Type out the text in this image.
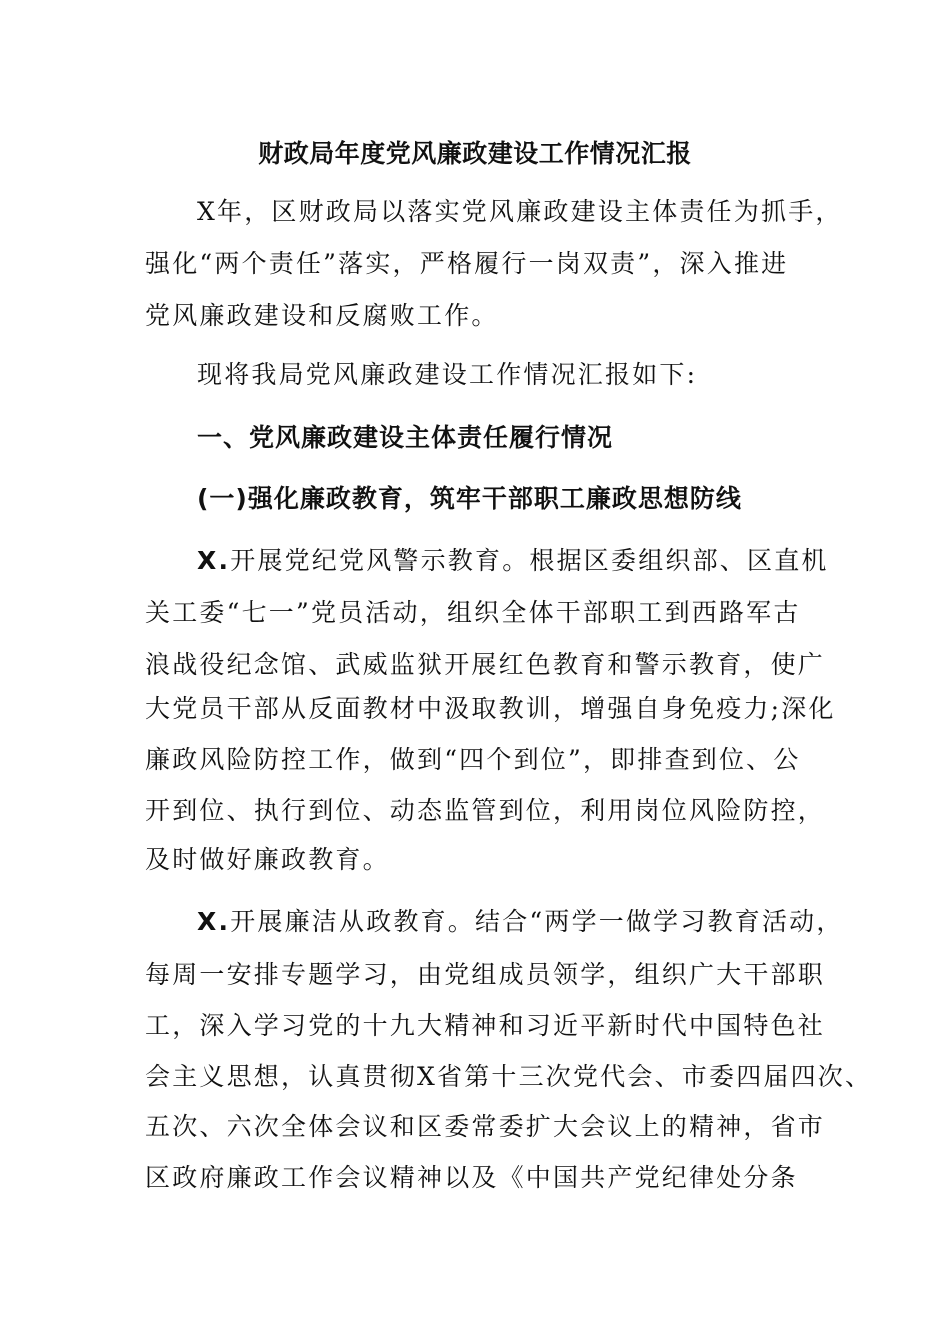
财政局年度党风廉政建设工作情况汇报
X年，区财政局以落实党风廉政建设主体责任为抓手，
强化“两个责任”落实，严格履行一岗双责”，深入推进
党风廉政建设和反腐败工作。
现将我局党风廉政建设工作情况汇报如下:
一、党风廉政建设主体责任履行情况
(一)强化廉政教育，筑牢干部职工廉政思想防线
X.开展党纪党风警示教育。根据区委组织部、区直机
关工委“七一”党员活动，组织全体干部职工到西路军古
浪战役纪念馆、武威监狱开展红色教育和警示教育，使广
大党员干部从反面教材中汲取教训，增强自身免疫力;深化
廉政风险防控工作，做到“四个到位”，即排查到位、公
开到位、执行到位、动态监管到位，利用岗位风险防控，
及时做好廉政教育。
X.开展廉洁从政教育。结合“两学一做学习教育活动，
每周一安排专题学习，由党组成员领学，组织广大干部职
工，深入学习党的十九大精神和习近平新时代中国特色社
会主义思想，认真贯彻X省第十三次党代会、市委四届四次、
五次、六次全体会议和区委常委扩大会议上的精神，省市
区政府廉政工作会议精神以及《中国共产党纪律处分条
